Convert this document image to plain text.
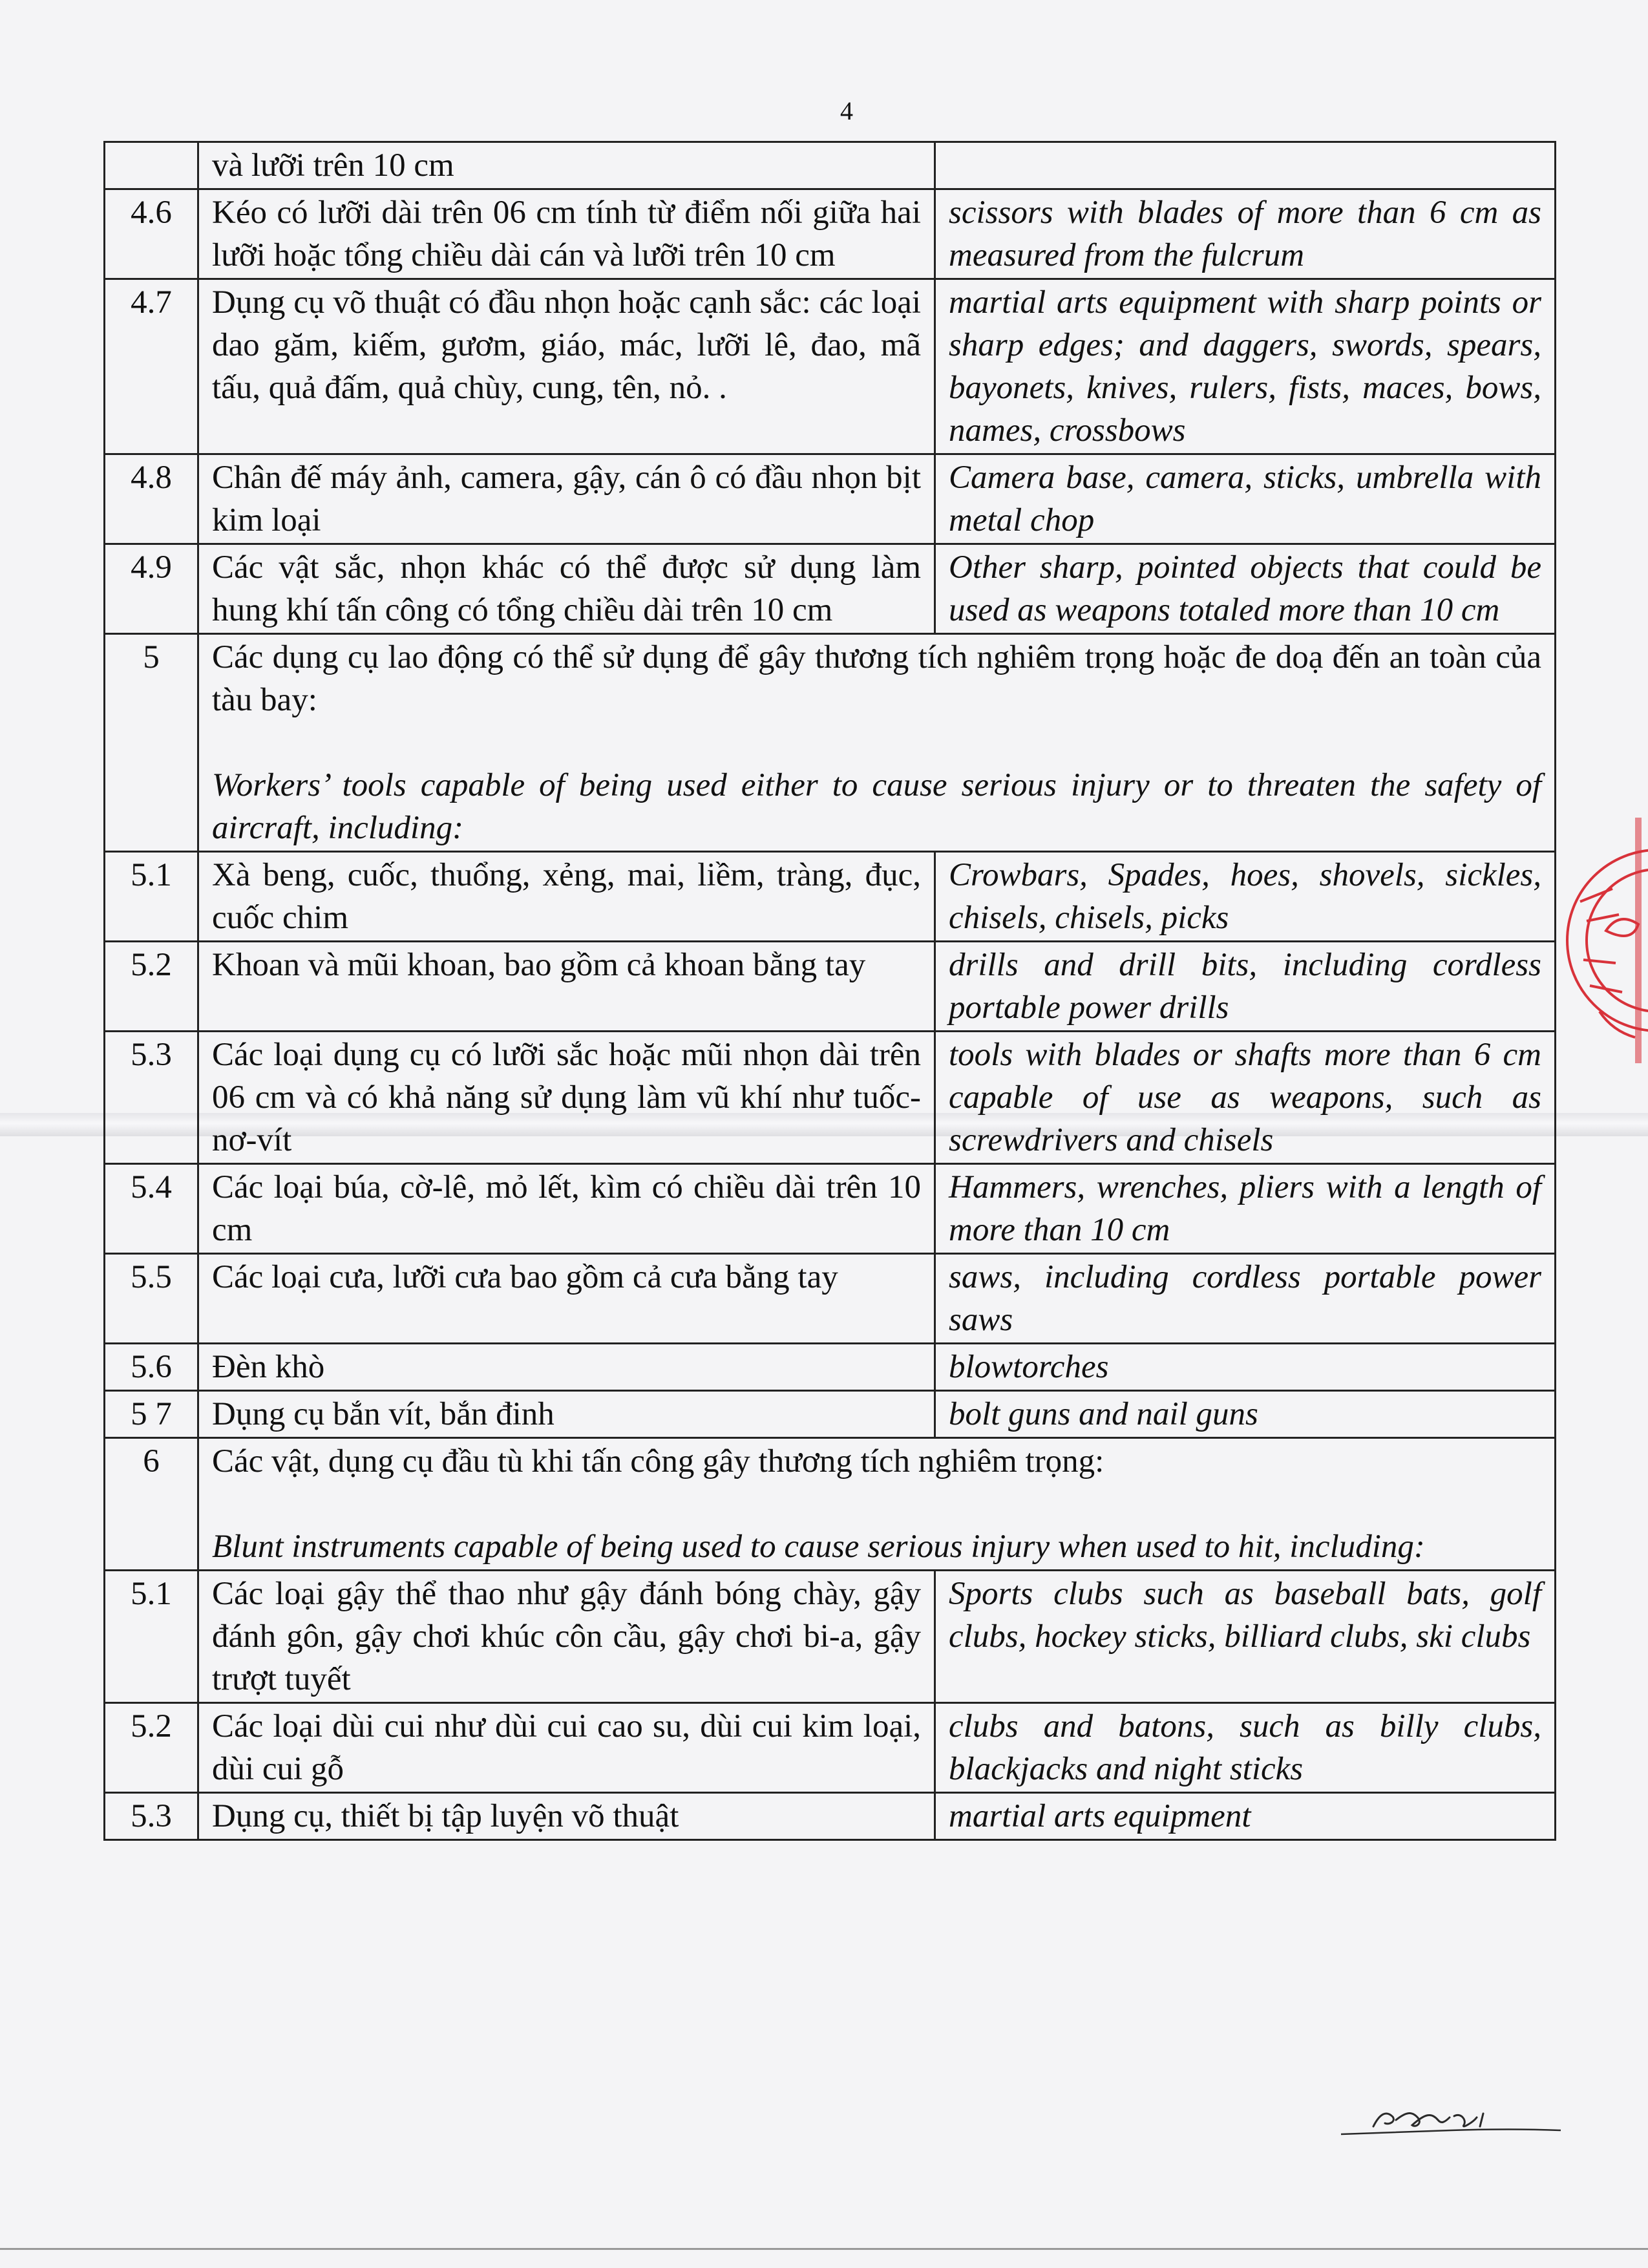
4
	và lưỡi trên 10 cm	
4.6	Kéo có lưỡi dài trên 06 cm tính từ điểm nối giữa hai lưỡi hoặc tổng chiều dài cán và lưỡi trên 10 cm	scissors with blades of more than 6 cm as measured from the fulcrum
4.7	Dụng cụ võ thuật có đầu nhọn hoặc cạnh sắc: các loại dao găm, kiếm, gươm, giáo, mác, lưỡi lê, đao, mã tấu, quả đấm, quả chùy, cung, tên, nỏ. .	martial arts equipment with sharp points or sharp edges; and daggers, swords, spears, bayonets, knives, rulers, fists, maces, bows, names, crossbows
4.8	Chân đế máy ảnh, camera, gậy, cán ô có đầu nhọn bịt kim loại	Camera base, camera, sticks, umbrella with metal chop
4.9	Các vật sắc, nhọn khác có thể được sử dụng làm hung khí tấn công có tổng chiều dài trên 10 cm	Other sharp, pointed objects that could be used as weapons totaled more than 10 cm
5	Các dụng cụ lao động có thể sử dụng để gây thương tích nghiêm trọng hoặc đe doạ đến an toàn của tàu bay:
Workers’ tools capable of being used either to cause serious injury or to threaten the safety of aircraft, including:	

5.1	Xà beng, cuốc, thuổng, xẻng, mai, liềm, tràng, đục, cuốc chim	Crowbars, Spades, hoes, shovels, sickles, chisels, chisels, picks
5.2	Khoan và mũi khoan, bao gồm cả khoan bằng tay	drills and drill bits, including cordless portable power drills
5.3	Các loại dụng cụ có lưỡi sắc hoặc mũi nhọn dài trên 06 cm và có khả năng sử dụng làm vũ khí như tuốc-nơ-vít	tools with blades or shafts more than 6 cm capable of use as weapons, such as screwdrivers and chisels
5.4	Các loại búa, cờ-lê, mỏ lết, kìm có chiều dài trên 10 cm	Hammers, wrenches, pliers with a length of more than 10 cm
5.5	Các loại cưa, lưỡi cưa bao gồm cả cưa bằng tay	saws, including cordless portable power saws
5.6	Đèn khò	blowtorches
5 7	Dụng cụ bắn vít, bắn đinh	bolt guns and nail guns
6	Các vật, dụng cụ đầu tù khi tấn công gây thương tích nghiêm trọng:
Blunt instruments capable of being used to cause serious injury when used to hit, including:	

5.1	Các loại gậy thể thao như gậy đánh bóng chày, gậy đánh gôn, gậy chơi khúc côn cầu, gậy chơi bi-a, gậy trượt tuyết	Sports clubs such as baseball bats, golf clubs, hockey sticks, billiard clubs, ski clubs
5.2	Các loại dùi cui như dùi cui cao su, dùi cui kim loại, dùi cui gỗ	clubs and batons, such as billy clubs, blackjacks and night sticks
5.3	Dụng cụ, thiết bị tập luyện võ thuật	martial arts equipment
